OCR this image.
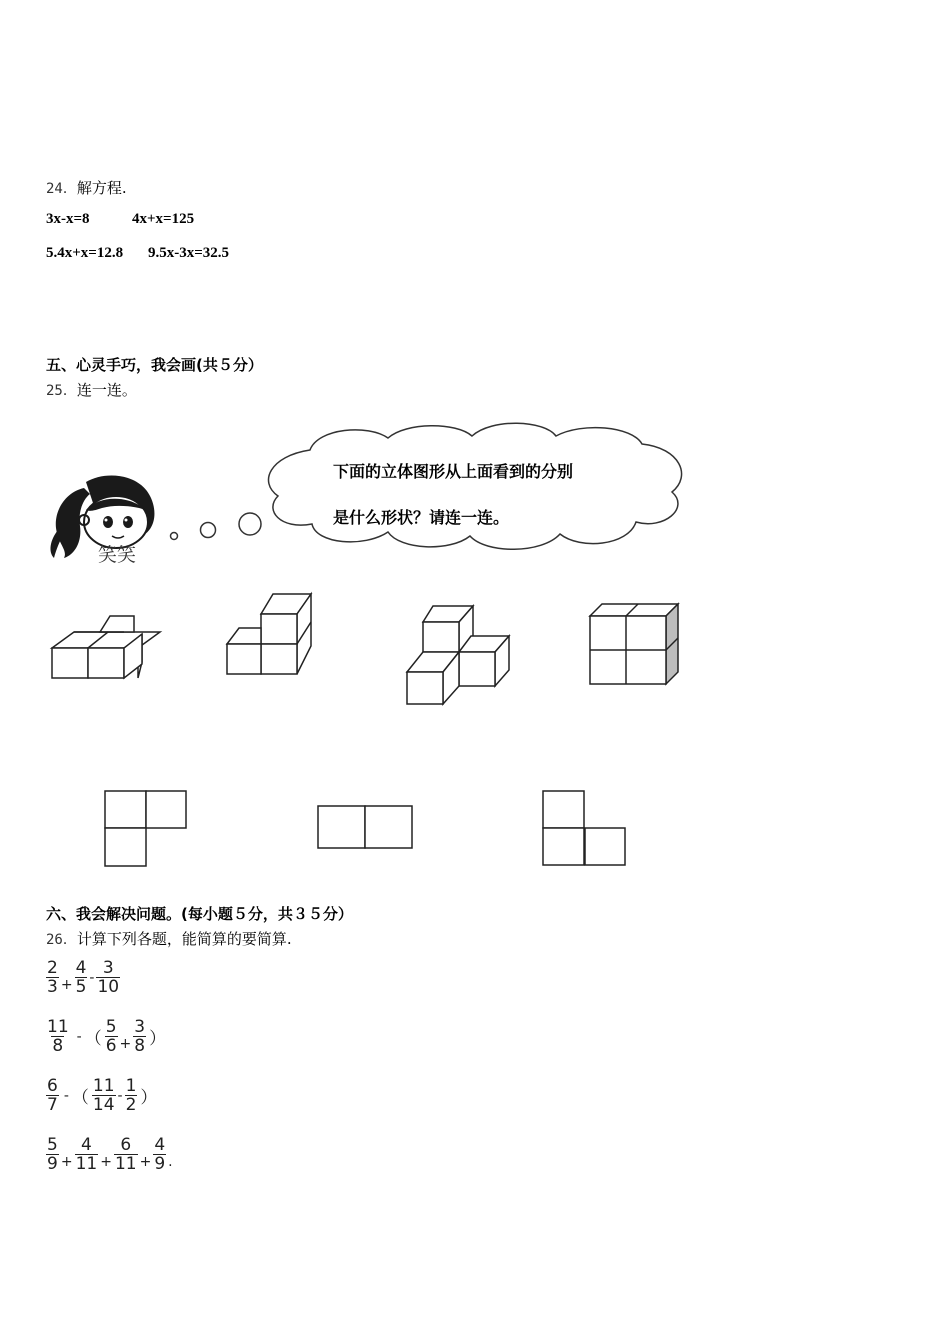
24．解方程.
3x-x=8	4x+x=125
5.4x+x=12.8 9.5x-3x=32.5
五、心灵手巧，我会画(共５分）
25．连一连。
笑笑
下面的立体图形从上面看到的分别
是什么形状？请连一连。
六、我会解决问题。(每小题５分，共３５分）
26．计算下列各题，能简算的要简算.
$\frac{2}{3} + \frac{4}{5} - \frac{3}{10}$
$\frac{11}{8}$ - （ $\frac{5}{6} + \frac{3}{8}$ ）
$\frac{6}{7}$ - （ $\frac{11}{14} - \frac{1}{2}$ ）
$\frac{5}{9} + \frac{4}{11} + \frac{6}{11} + \frac{4}{9}$ .
